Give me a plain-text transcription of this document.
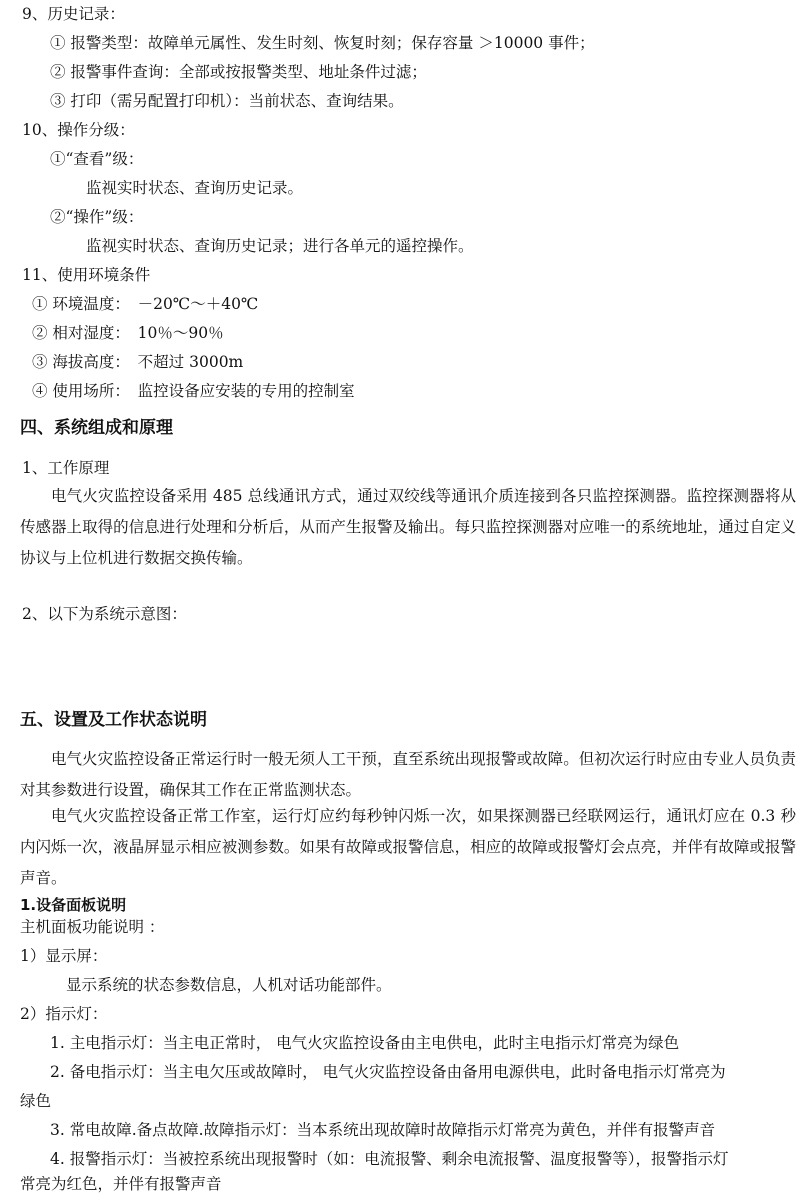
9、历史记录：
① 报警类型：故障单元属性、发生时刻、恢复时刻；保存容量 ＞10000 事件；
② 报警事件查询：全部或按报警类型、地址条件过滤；
③ 打印（需另配置打印机）：当前状态、查询结果。
10、操作分级：
①“查看”级：
监视实时状态、查询历史记录。
②“操作”级：
监视实时状态、查询历史记录；进行各单元的遥控操作。
11、使用环境条件
① 环境温度：　－20℃～＋40℃
② 相对湿度：　10％～90％
③ 海拔高度：　不超过 3000m
④ 使用场所：　监控设备应安装的专用的控制室
四、系统组成和原理
1、工作原理
电气火灾监控设备采用 485 总线通讯方式，通过双绞线等通讯介质连接到各只监控探测器。监控探测器将从传感器上取得的信息进行处理和分析后，从而产生报警及输出。每只监控探测器对应唯一的系统地址，通过自定义协议与上位机进行数据交换传输。
2、以下为系统示意图：
五、设置及工作状态说明
电气火灾监控设备正常运行时一般无须人工干预，直至系统出现报警或故障。但初次运行时应由专业人员负责对其参数进行设置，确保其工作在正常监测状态。
电气火灾监控设备正常工作室，运行灯应约每秒钟闪烁一次，如果探测器已经联网运行，通讯灯应在 0.3 秒内闪烁一次，液晶屏显示相应被测参数。如果有故障或报警信息，相应的故障或报警灯会点亮，并伴有故障或报警声音。
1.设备面板说明
主机面板功能说明 ：
1）显示屏：
显示系统的状态参数信息，人机对话功能部件。
2）指示灯：
1. 主电指示灯：当主电正常时， 电气火灾监控设备由主电供电，此时主电指示灯常亮为绿色
2. 备电指示灯：当主电欠压或故障时， 电气火灾监控设备由备用电源供电，此时备电指示灯常亮为
绿色
3. 常电故障.备点故障.故障指示灯：当本系统出现故障时故障指示灯常亮为黄色，并伴有报警声音
4. 报警指示灯：当被控系统出现报警时（如：电流报警、剩余电流报警、温度报警等），报警指示灯
常亮为红色，并伴有报警声音
